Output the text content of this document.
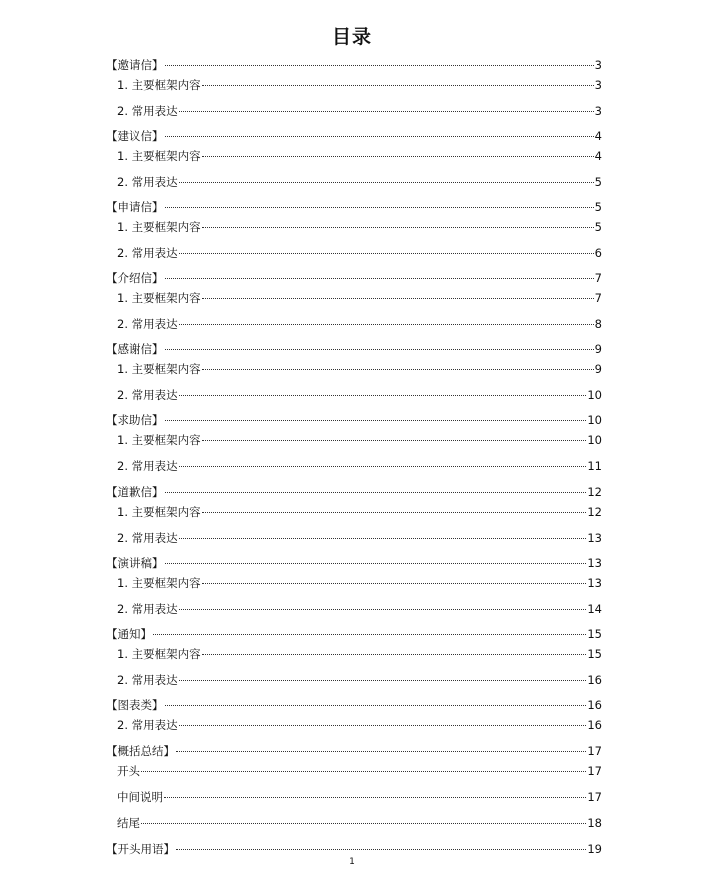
目录
【邀请信】	3
1. 主要框架内容	3
2. 常用表达	3
【建议信】	4
1. 主要框架内容	4
2. 常用表达	5
【申请信】	5
1. 主要框架内容	5
2. 常用表达	6
【介绍信】	7
1. 主要框架内容	7
2. 常用表达	8
【感谢信】	9
1. 主要框架内容	9
2. 常用表达	10
【求助信】	10
1. 主要框架内容	10
2. 常用表达	11
【道歉信】	12
1. 主要框架内容	12
2. 常用表达	13
【演讲稿】	13
1. 主要框架内容	13
2. 常用表达	14
【通知】	15
1. 主要框架内容	15
2. 常用表达	16
【图表类】	16
2. 常用表达	16
【概括总结】	17
开头	17
中间说明	17
结尾	18
【开头用语】	19
1
